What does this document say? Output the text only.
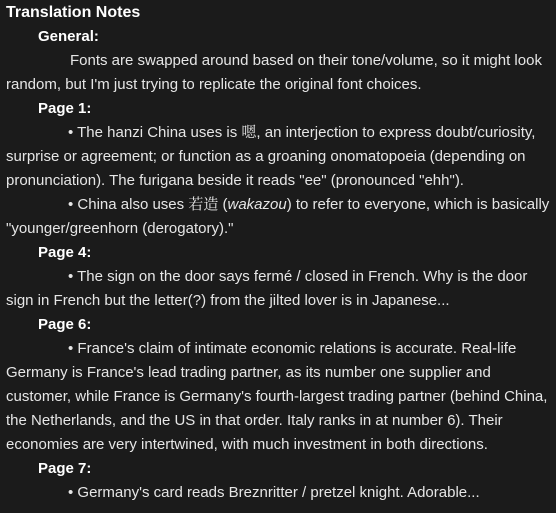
Translation Notes
General:

Fonts are swapped around based on their tone/volume, so it might look random, but I'm just trying to replicate the original font choices.

Page 1:

• The hanzi China uses is 嗯, an interjection to express doubt/curiosity, surprise or agreement; or function as a groaning onomatopoeia (depending on pronunciation). The furigana beside it reads "ee" (pronounced "ehh").

• China also uses 若造 (wakazou) to refer to everyone, which is basically "younger/greenhorn (derogatory)."

Page 4:

• The sign on the door says fermé / closed in French. Why is the door sign in French but the letter(?) from the jilted lover is in Japanese...

Page 6:

• France's claim of intimate economic relations is accurate. Real-life Germany is France's lead trading partner, as its number one supplier and customer, while France is Germany's fourth-largest trading partner (behind China, the Netherlands, and the US in that order. Italy ranks in at number 6). Their economies are very intertwined, with much investment in both directions.

Page 7:

• Germany's card reads Breznritter / pretzel knight. Adorable...
